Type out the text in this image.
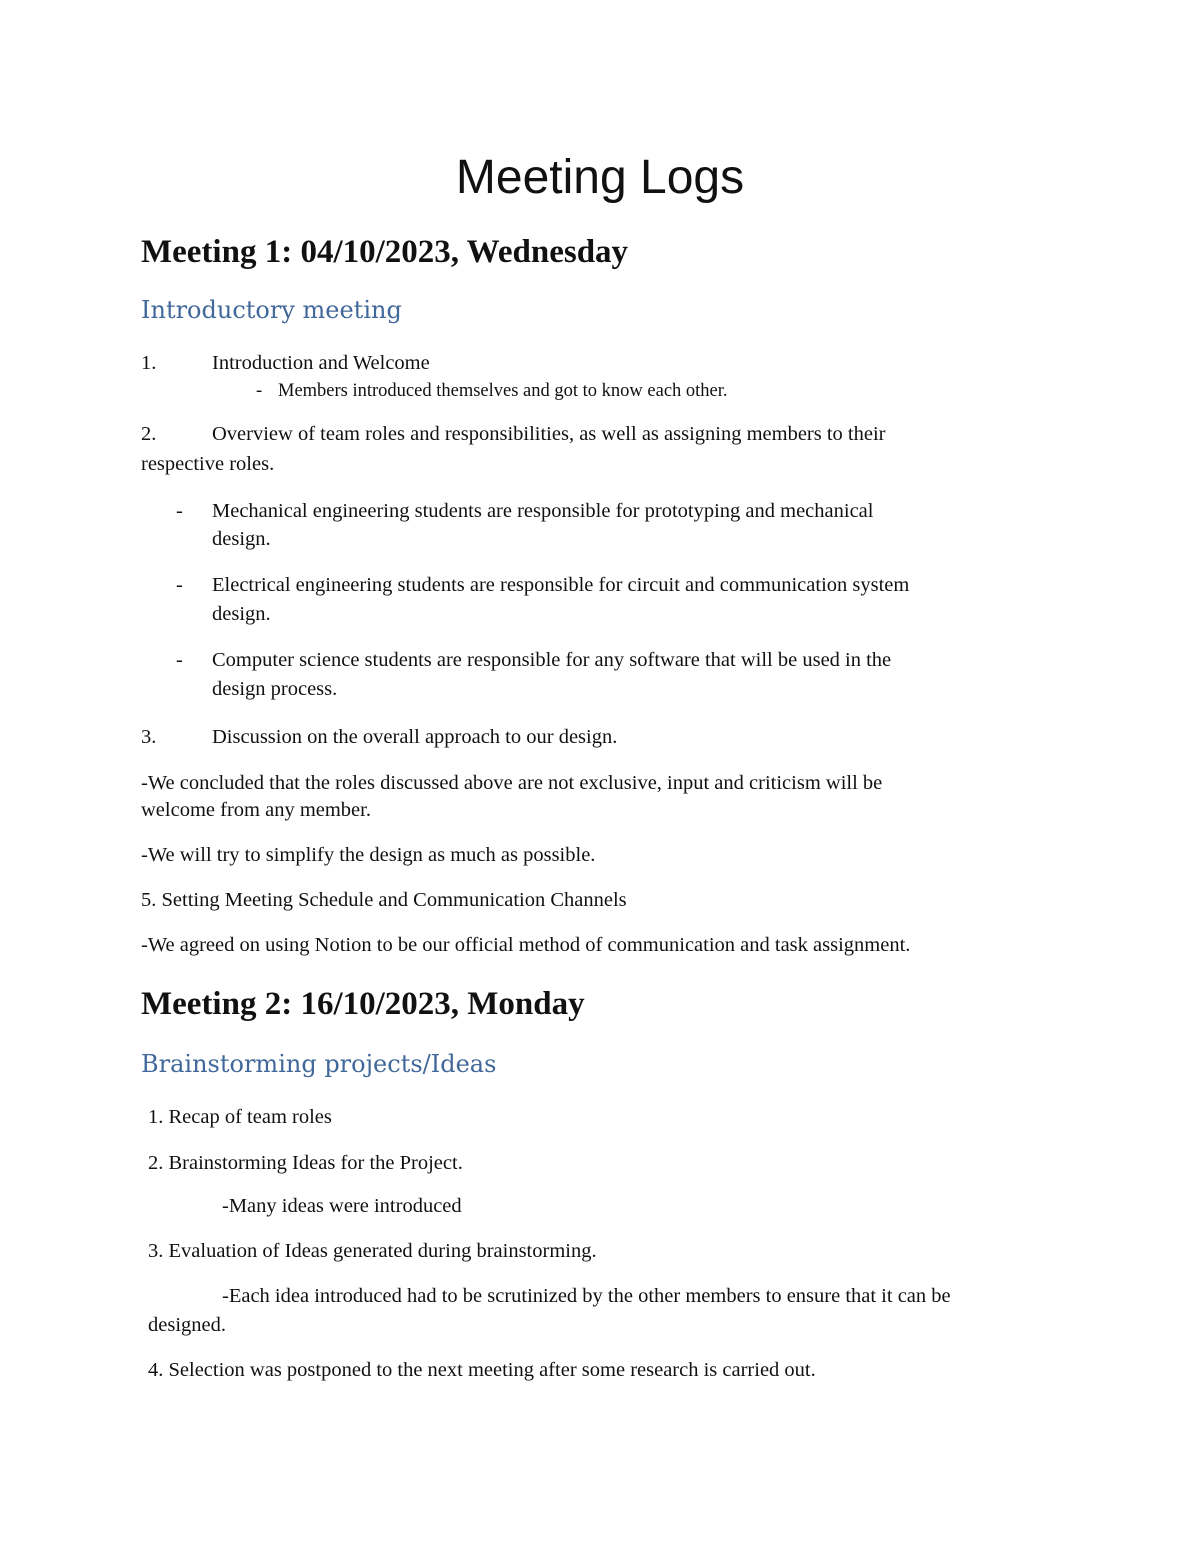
Meeting Logs
Meeting 1: 04/10/2023, Wednesday
Introductory meeting
1.	Introduction and Welcome
- Members introduced themselves and got to know each other.
2.	Overview of team roles and responsibilities, as well as assigning members to their
respective roles.
- Mechanical engineering students are responsible for prototyping and mechanical
design.
- Electrical engineering students are responsible for circuit and communication system
design.
- Computer science students are responsible for any software that will be used in the
design process.
3.	Discussion on the overall approach to our design.
-We concluded that the roles discussed above are not exclusive, input and criticism will be
welcome from any member.
-We will try to simplify the design as much as possible.
5. Setting Meeting Schedule and Communication Channels
-We agreed on using Notion to be our official method of communication and task assignment.
Meeting 2: 16/10/2023, Monday
Brainstorming projects/Ideas
1. Recap of team roles
2. Brainstorming Ideas for the Project.
-Many ideas were introduced
3. Evaluation of Ideas generated during brainstorming.
-Each idea introduced had to be scrutinized by the other members to ensure that it can be
designed.
4. Selection was postponed to the next meeting after some research is carried out.
